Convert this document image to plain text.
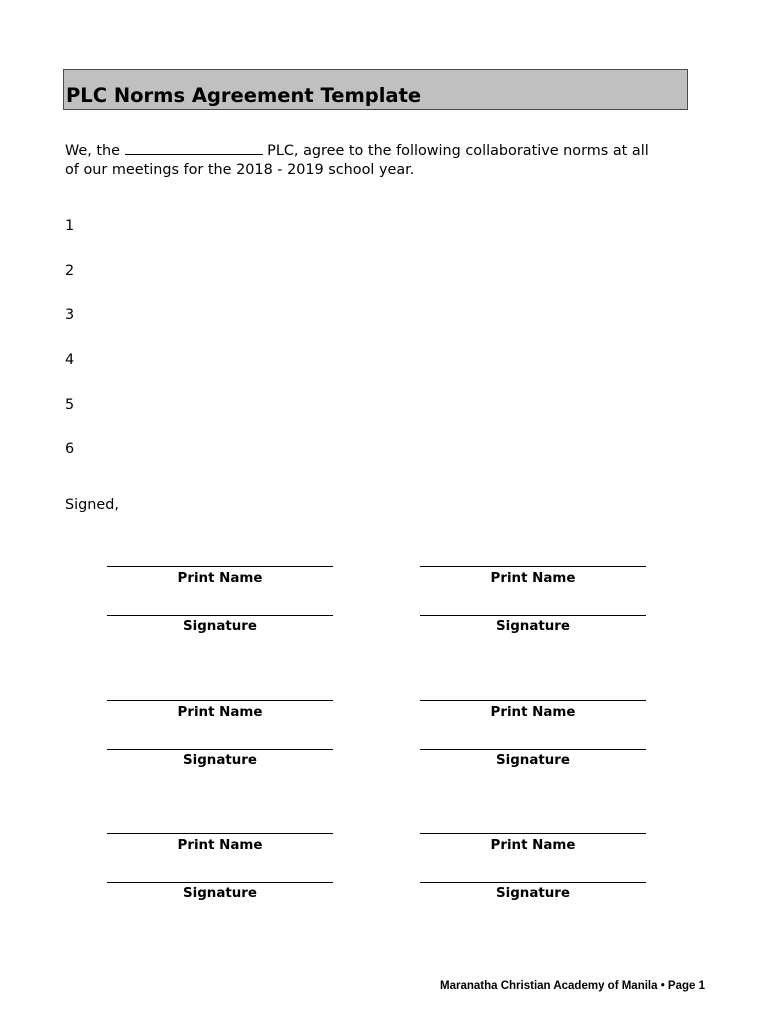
PLC Norms Agreement Template
We, the	PLC, agree to the following collaborative norms at all
of our meetings for the 2018 - 2019 school year.
1
2
3
4
5
6
Signed,
Print Name
Signature
Print Name
Signature
Print Name
Signature
Print Name
Signature
Print Name
Signature
Print Name
Signature
Maranatha Christian Academy of Manila • Page 1
